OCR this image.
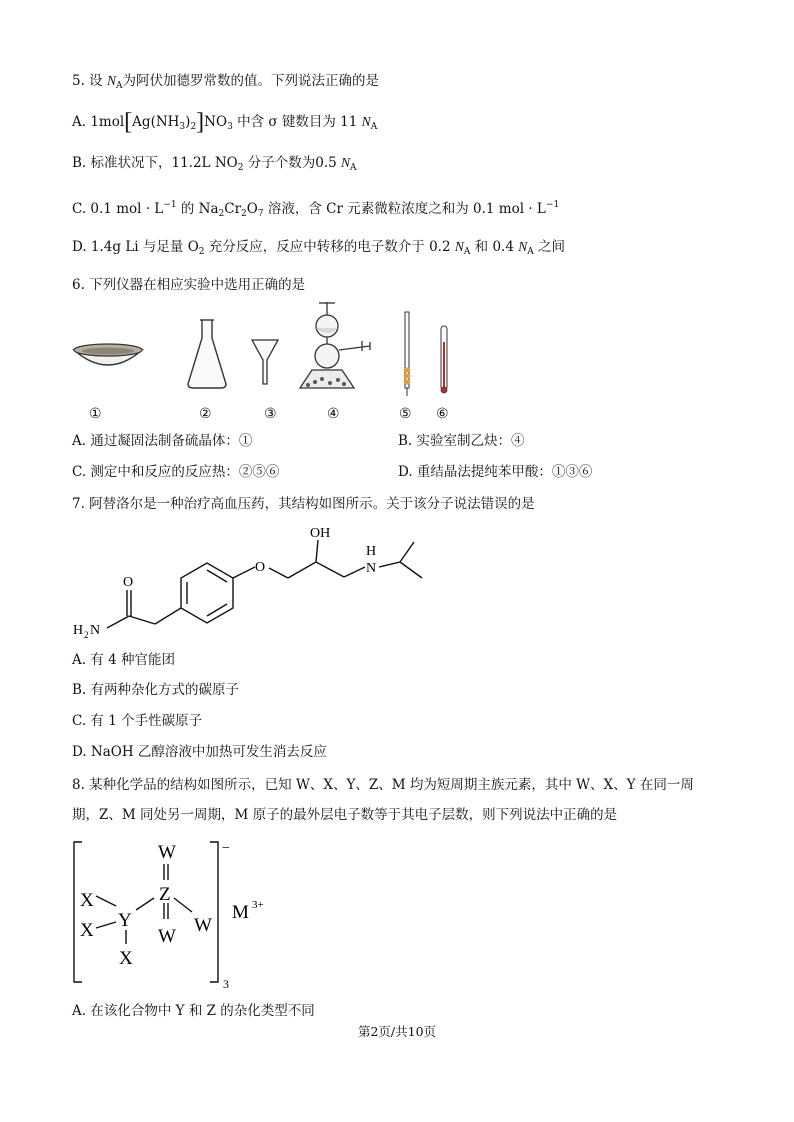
5. 设 $N_A$为阿伏加德罗常数的值。下列说法正确的是
A. $1mol[Ag(NH_3)_2]NO_3$ 中含 σ 键数目为 11 $N_A$
B. 标准状况下，11.2L $NO_2$ 分子个数为0.5 $N_A$
C. 0.1 mol · $L^{-1}$ 的 $Na_2Cr_2O_7$ 溶液，含 Cr 元素微粒浓度之和为 0.1 mol · $L^{-1}$
D. 1.4g Li 与足量 $O_2$ 充分反应，反应中转移的电子数介于 0.2 $N_A$ 和 0.4 $N_A$ 之间
6. 下列仪器在相应实验中选用正确的是
①	②	③	④	⑤ ⑥
A. 通过凝固法制备硫晶体：①	B. 实验室制乙炔：④
C. 测定中和反应的反应热：②⑤⑥	D. 重结晶法提纯苯甲酸：①③⑥
7. 阿替洛尔是一种治疗高血压药，其结构如图所示。关于该分子说法错误的是
O
OH
O
H
N
H 2 N
A. 有 4 种官能团
B. 有两种杂化方式的碳原子
C. 有 1 个手性碳原子
D. NaOH 乙醇溶液中加热可发生消去反应
8. 某种化学品的结构如图所示，已知 W、X、Y、Z、M 均为短周期主族元素，其中 W、X、Y 在同一周
期，Z、M 同处另一周期，M 原子的最外层电子数等于其电子层数，则下列说法中正确的是
W
X
X Y
Z
W
W
X
−
3
M 3+
A. 在该化合物中 Y 和 Z 的杂化类型不同
第2页/共10页
